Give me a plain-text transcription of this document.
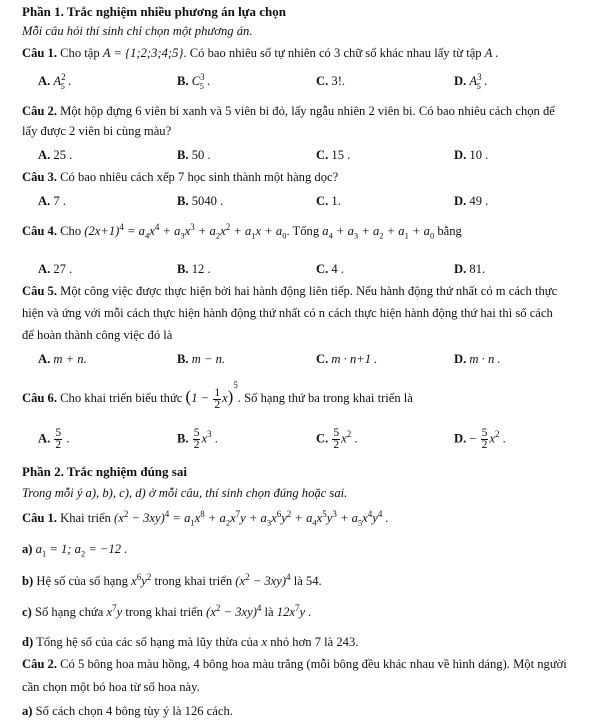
Phần 1. Trắc nghiệm nhiều phương án lựa chọn
Mỗi câu hỏi thí sinh chỉ chọn một phương án.
Câu 1. Cho tập A = {1;2;3;4;5}. Có bao nhiêu số tự nhiên có 3 chữ số khác nhau lấy từ tập A .
A. $A^2_5$ .	B. $C^3_5$ .	C. 3!.	D. $A^3_5$ .
Câu 2. Một hộp đựng 6 viên bi xanh và 5 viên bi đỏ, lấy ngẫu nhiên 2 viên bi. Có bao nhiêu cách chọn để
lấy được 2 viên bi cùng màu?
A. 25 .	B. 50 .	C. 15 .	D. 10 .
Câu 3. Có bao nhiêu cách xếp 7 học sinh thành một hàng dọc?
A. 7 .	B. 5040 .	C. 1.	D. 49 .
Câu 4. Cho $(2x+1)^4 = a_4x^4 + a_3x^3 + a_2x^2 + a_1x + a_0$. Tổng $a_4 + a_3 + a_2 + a_1 + a_0$ bằng
A. 27 .	B. 12 .	C. 4 .	D. 81.
Câu 5. Một công việc được thực hiện bởi hai hành động liên tiếp. Nếu hành động thứ nhất có m cách thực
hiện và ứng với mỗi cách thực hiện hành động thứ nhất có n cách thực hiện hành động thứ hai thì số cách
để hoàn thành công việc đó là
A. m + n.	B. m − n.	C. m · n+1 .	D. m · n .
Câu 6. Cho khai triển biểu thức $(1 - \frac{1}{2} x)^5$. Số hạng thứ ba trong khai triển là
A. $\frac{5}{2}$ .	B. $\frac{5}{2} x^3$ .	C. $\frac{5}{2} x^2$ .	D. − $\frac{5}{2} x^2$ .
Phần 2. Trắc nghiệm đúng sai
Trong mỗi ý a), b), c), d) ở mỗi câu, thí sinh chọn đúng hoặc sai.
Câu 1. Khai triển $(x^2 - 3xy)^4 = a_1x^8 + a_2x^7y + a_3x^6y^2 + a_4x^5y^3 + a_5x^4y^4$ .
a) $a_1 = 1$; $a_2 = -12$ .
b) Hệ số của số hạng $x^6y^2$ trong khai triển $(x^2 - 3xy)^4$ là 54.
c) Số hạng chứa $x^7y$ trong khai triển $(x^2 - 3xy)^4$ là $12x^7y$ .
d) Tổng hệ số của các số hạng mà lũy thừa của x nhỏ hơn 7 là 243.
Câu 2. Có 5 bông hoa màu hồng, 4 bông hoa màu trắng (mỗi bông đều khác nhau về hình dáng). Một người
cần chọn một bó hoa từ số hoa này.
a) Số cách chọn 4 bông tùy ý là 126 cách.
